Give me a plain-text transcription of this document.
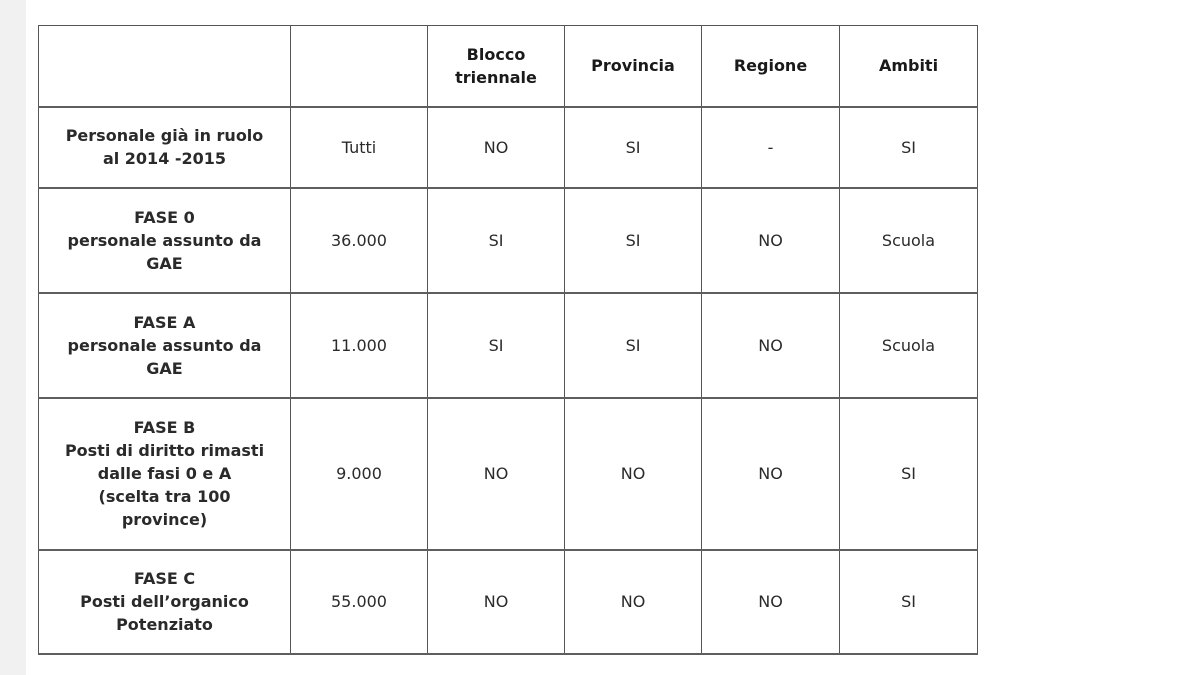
		Blocco
triennale	Provincia	Regione	Ambiti

Personale già in ruolo
al 2014 -2015	Tutti	NO	SI	-	SI

FASE 0
personale assunto da
GAE	36.000	SI	SI	NO	Scuola

FASE A
personale assunto da
GAE	11.000	SI	SI	NO	Scuola

FASE B
Posti di diritto rimasti
dalle fasi 0 e A
(scelta tra 100
province)	9.000	NO	NO	NO	SI

FASE C
Posti dell’organico
Potenziato	55.000	NO	NO	NO	SI
